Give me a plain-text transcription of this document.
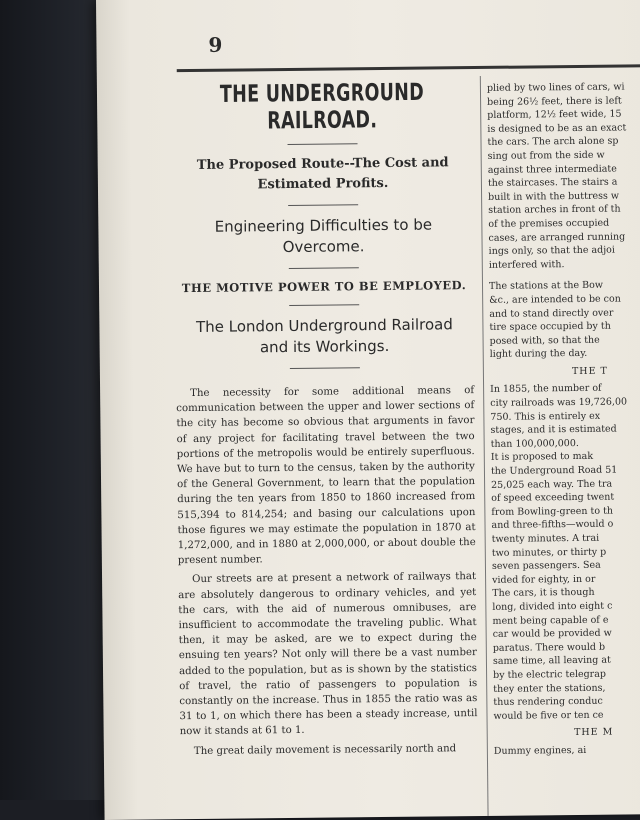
9
THE UNDERGROUND RAILROAD.
The Proposed Route--The Cost and Estimated Profits.
Engineering Difficulties to be Overcome.
THE MOTIVE POWER TO BE EMPLOYED.
The London Underground Railroad and its Workings.

The necessity for some additional means of communication between the upper and lower sections of the city has become so obvious that arguments in favor of any project for facilitating travel between the two portions of the metropolis would be entirely superfluous. We have but to turn to the census, taken by the authority of the General Government, to learn that the population during the ten years from 1850 to 1860 increased from 515,394 to 814,254; and basing our calculations upon those figures we may estimate the population in 1870 at 1,272,000, and in 1880 at 2,000,000, or about double the present number.

Our streets are at present a network of railways that are absolutely dangerous to ordinary vehicles, and yet the cars, with the aid of numerous omnibuses, are insufficient to accommodate the traveling public. What then, it may be asked, are we to expect during the ensuing ten years? Not only will there be a vast number added to the population, but as is shown by the statistics of travel, the ratio of passengers to population is constantly on the increase. Thus in 1855 the ratio was as 31 to 1, on which there has been a steady increase, until now it stands at 61 to 1.

The great daily movement is necessarily north and

plied by two lines of cars, wi
being 26½ feet, there is left
platform, 12½ feet wide, 15
is designed to be as an exact
the cars. The arch alone sp
sing out from the side w
against three intermediate
the staircases. The stairs a
built in with the buttress w
station arches in front of th
of the premises occupied
cases, are arranged running
ings only, so that the adjoi
interfered with.
The stations at the Bow
&c., are intended to be con
and to stand directly over
tire space occupied by th
posed with, so that the
light during the day.
THE T
In 1855, the number of
city railroads was 19,726,00
750. This is entirely ex
stages, and it is estimated
than 100,000,000.
It is proposed to mak
the Underground Road 51
25,025 each way. The tra
of speed exceeding twent
from Bowling-green to th
and three-fifths—would o
twenty minutes. A trai
two minutes, or thirty p
seven passengers. Sea
vided for eighty, in or
The cars, it is though
long, divided into eight c
ment being capable of e
car would be provided w
paratus. There would b
same time, all leaving at
by the electric telegrap
they enter the stations,
thus rendering conduc
would be five or ten ce
THE M
Dummy engines, ai
